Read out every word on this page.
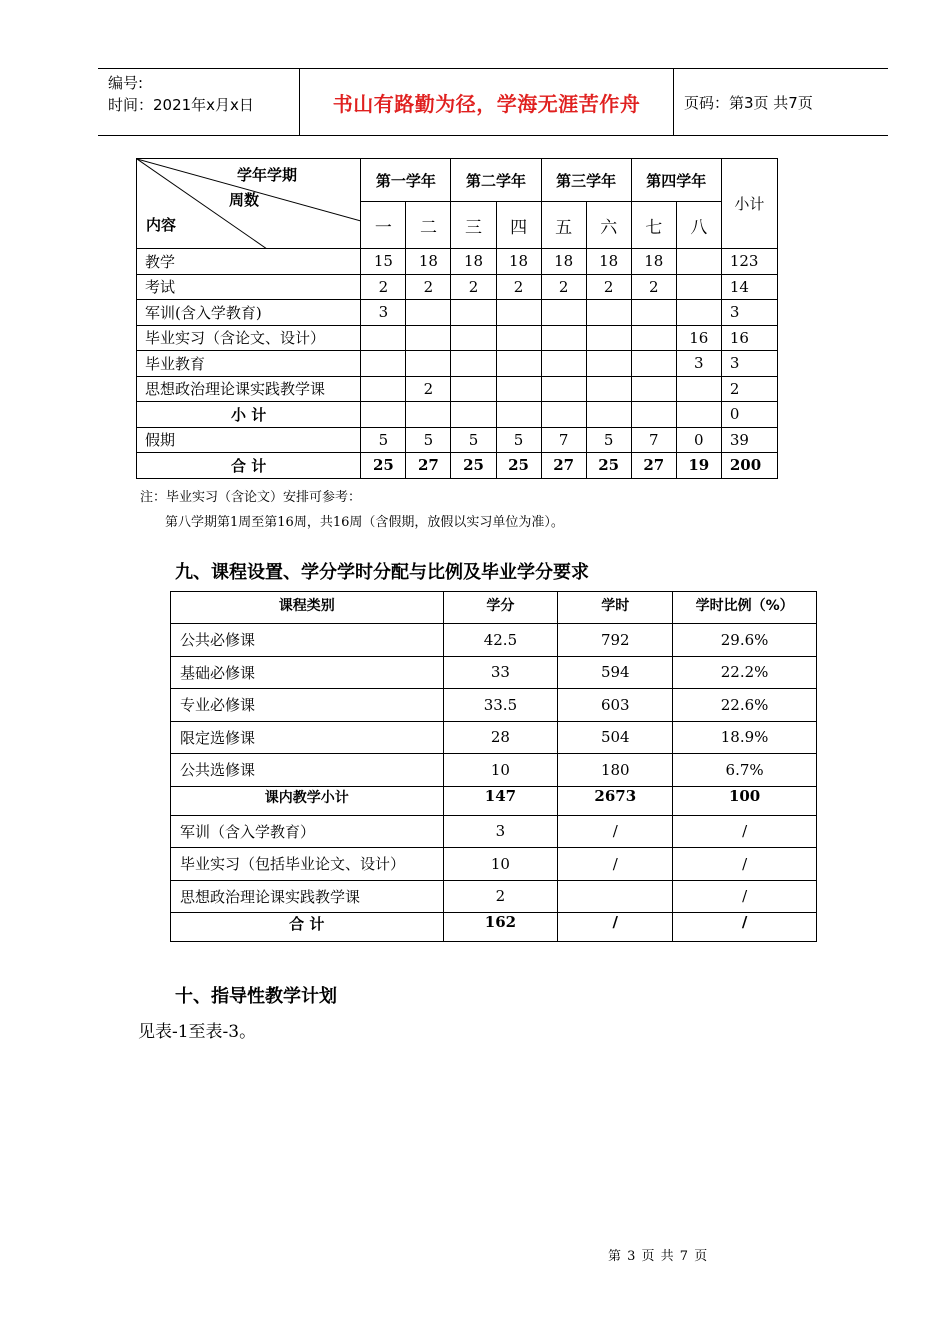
编号:
时间：2021年x月x日	书山有路勤为径，学海无涯苦作舟	页码：第3页 共7页
学年学期
周数
内容	第一学年		第二学年		第三学年		第四学年		小计
	一	二	三	四	五	六	七	八	
教学	15	18	18	18	18	18	18		123
考试	2	2	2	2	2	2	2		14
军训(含入学教育)	3								3
毕业实习（含论文、设计）								16	16
毕业教育								3	3
思想政治理论课实践教学课		2							2
小 计									0
假期	5	5	5	5	7	5	7	0	39
合 计	25	27	25	25	27	25	27	19	200
注：毕业实习（含论文）安排可参考：
第八学期第1周至第16周，共16周（含假期，放假以实习单位为准）。
九、课程设置、学分学时分配与比例及毕业学分要求
课程类别	学分	学时	学时比例（%）
公共必修课	42.5	792	29.6%
基础必修课	33	594	22.2%
专业必修课	33.5	603	22.6%
限定选修课	28	504	18.9%
公共选修课	10	180	6.7%
课内教学小计	147	2673	100
军训（含入学教育）	3	/	/
毕业实习（包括毕业论文、设计）	10	/	/
思想政治理论课实践教学课	2		/
合 计	162	/	/
十、指导性教学计划
见表-1至表-3。
第 3 页 共 7 页
